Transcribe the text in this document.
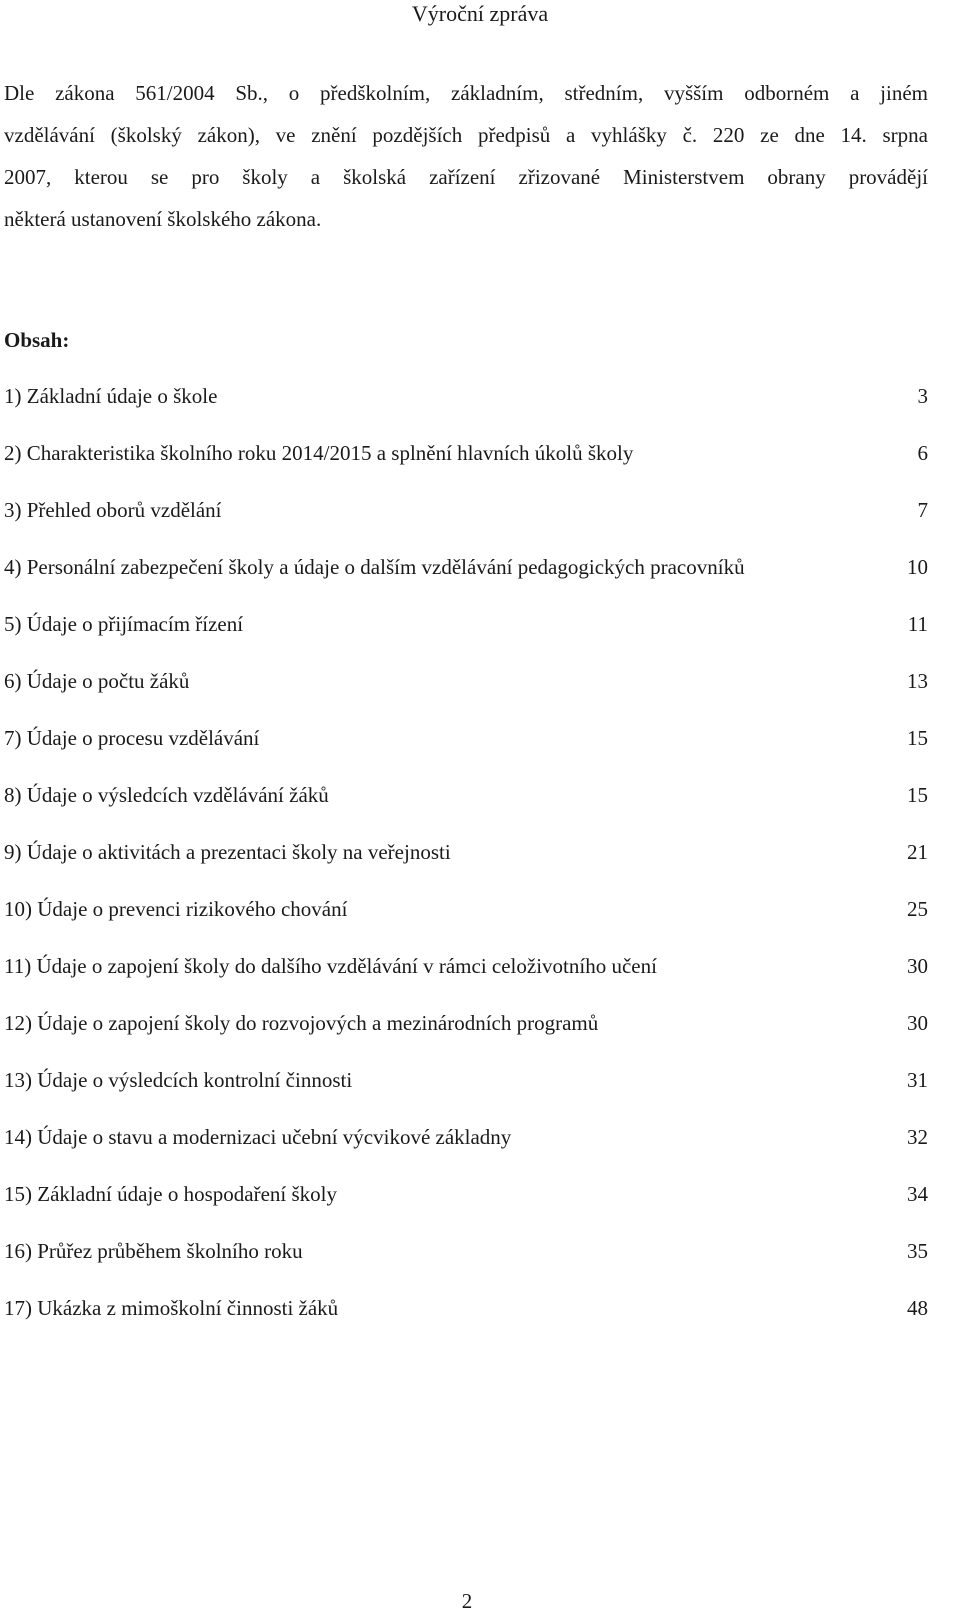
Výroční zpráva
Dle zákona 561/2004 Sb., o předškolním, základním, středním, vyšším odborném a jiném
vzdělávání (školský zákon), ve znění pozdějších předpisů a vyhlášky č. 220 ze dne 14. srpna
2007, kterou se pro školy a školská zařízení zřizované Ministerstvem obrany provádějí
některá ustanovení školského zákona.
Obsah:
1) Základní údaje o škole	3
2) Charakteristika školního roku 2014/2015 a splnění hlavních úkolů školy	6
3) Přehled oborů vzdělání	7
4) Personální zabezpečení školy a údaje o dalším vzdělávání pedagogických pracovníků	10
5) Údaje o přijímacím řízení	11
6) Údaje o počtu žáků	13
7) Údaje o procesu vzdělávání	15
8) Údaje o výsledcích vzdělávání žáků	15
9) Údaje o aktivitách a prezentaci školy na veřejnosti	21
10) Údaje o prevenci rizikového chování	25
11) Údaje o zapojení školy do dalšího vzdělávání v rámci celoživotního učení	30
12) Údaje o zapojení školy do rozvojových a mezinárodních programů	30
13) Údaje o výsledcích kontrolní činnosti	31
14) Údaje o stavu a modernizaci učební výcvikové základny	32
15) Základní údaje o hospodaření školy	34
16) Průřez průběhem školního roku	35
17) Ukázka z mimoškolní činnosti žáků	48
2
